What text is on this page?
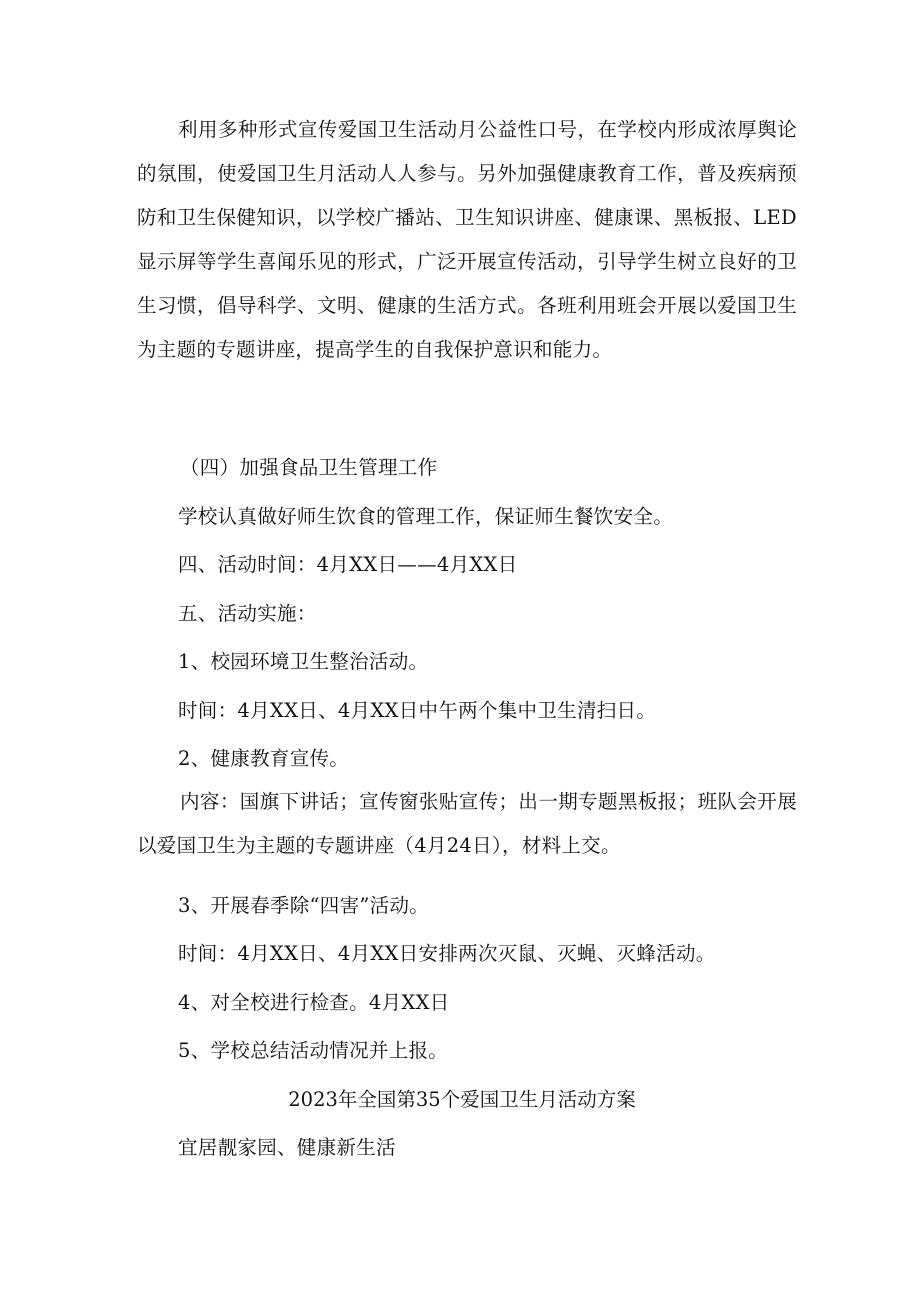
利用多种形式宣传爱国卫生活动月公益性口号，在学校内形成浓厚舆论的氛围，使爱国卫生月活动人人参与。另外加强健康教育工作，普及疾病预防和卫生保健知识，以学校广播站、卫生知识讲座、健康课、黑板报、LED显示屏等学生喜闻乐见的形式，广泛开展宣传活动，引导学生树立良好的卫生习惯，倡导科学、文明、健康的生活方式。各班利用班会开展以爱国卫生为主题的专题讲座，提高学生的自我保护意识和能力。

（四）加强食品卫生管理工作

学校认真做好师生饮食的管理工作，保证师生餐饮安全。

四、活动时间：4月XX日——4月XX日

五、活动实施：

1、校园环境卫生整治活动。

时间：4月XX日、4月XX日中午两个集中卫生清扫日。

2、健康教育宣传。

内容：国旗下讲话；宣传窗张贴宣传；出一期专题黑板报；班队会开展以爱国卫生为主题的专题讲座（4月24日），材料上交。

3、开展春季除“四害”活动。

时间：4月XX日、4月XX日安排两次灭鼠、灭蝇、灭蜂活动。

4、对全校进行检查。4月XX日

5、学校总结活动情况并上报。

2023年全国第35个爱国卫生月活动方案

宜居靓家园、健康新生活
